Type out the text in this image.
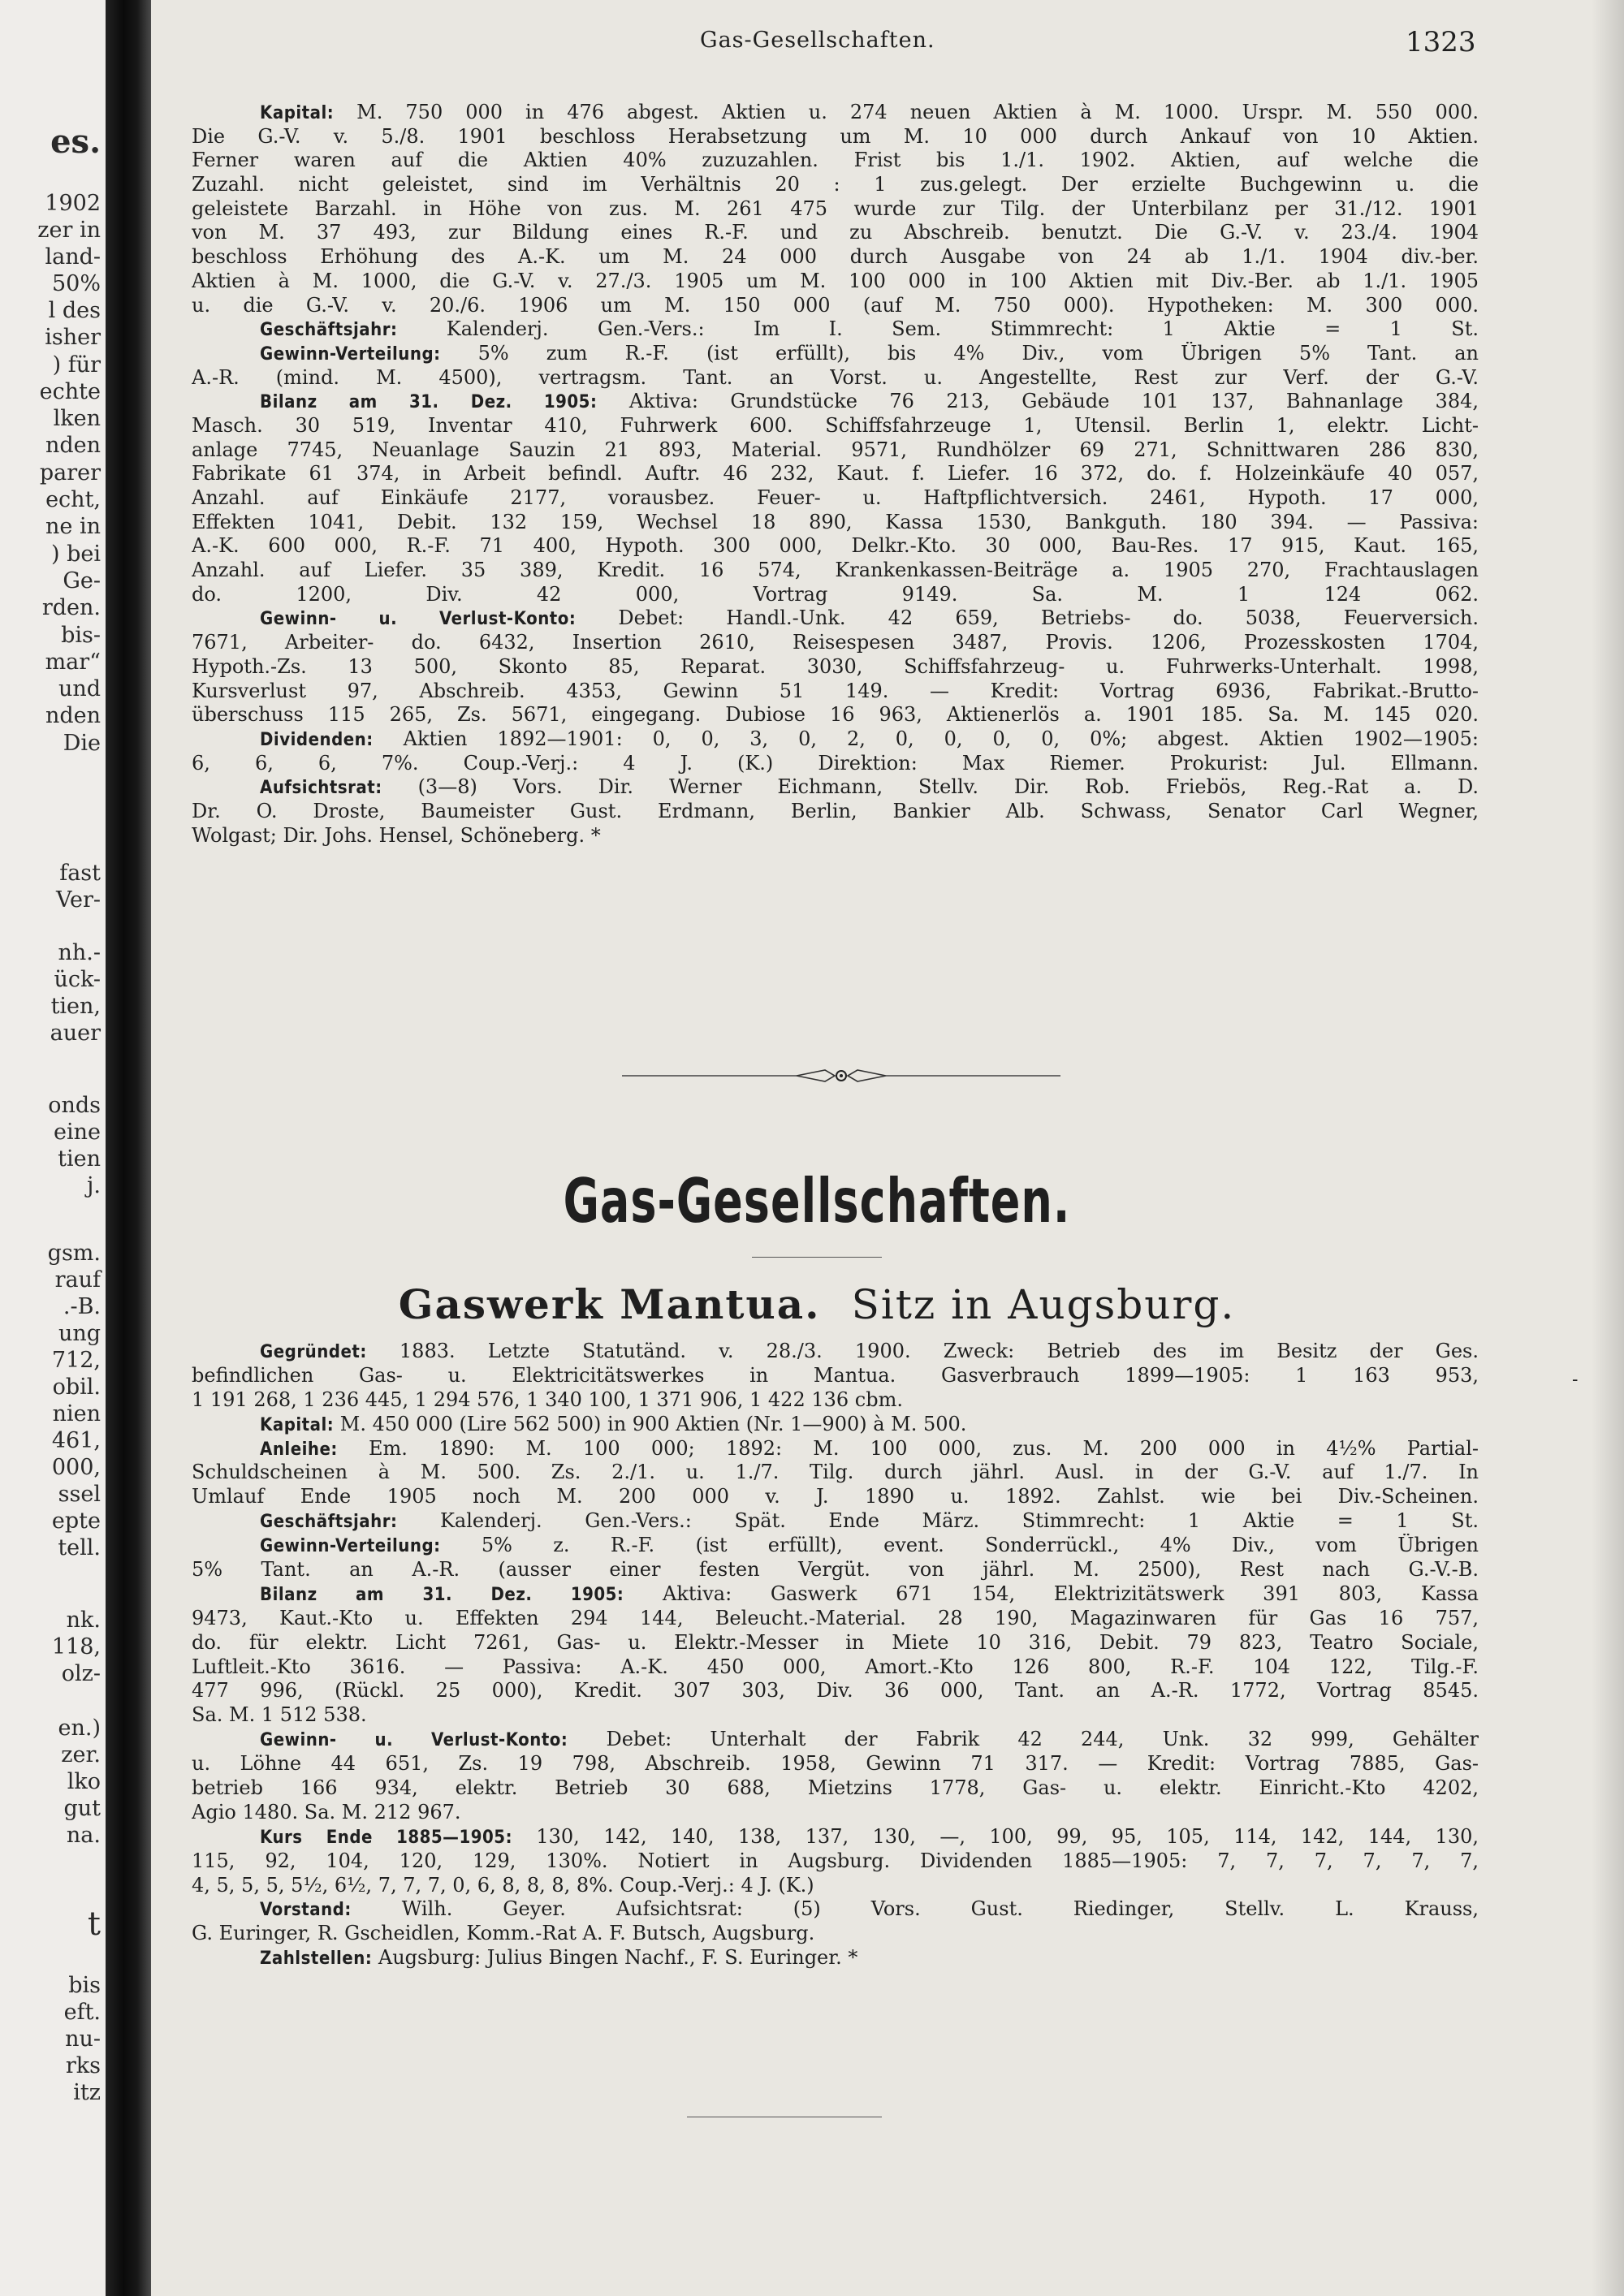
es.
1902
zer in
land-
50%
l des
isher
) für
echte
lken
nden
parer
echt,
ne in
) bei
Ge-
rden.
bis-
mar“
und
nden
Die
fast
Ver-
nh.-
ück-
tien,
auer
onds
eine
tien
j.
gsm.
rauf
.-B.
ung
712,
obil.
nien
461,
000,
ssel
epte
tell.
nk.
118,
olz-
en.)
zer.
lko
gut
na.
t
bis
eft.
nu-
rks
itz
Gas-Gesellschaften.	1323
Kapital: M. 750 000 in 476 abgest. Aktien u. 274 neuen Aktien à M. 1000. Urspr. M. 550 000.
Die G.-V. v. 5./8. 1901 beschloss Herabsetzung um M. 10 000 durch Ankauf von 10 Aktien.
Ferner waren auf die Aktien 40% zuzuzahlen. Frist bis 1./1. 1902. Aktien, auf welche die
Zuzahl. nicht geleistet, sind im Verhältnis 20 : 1 zus.gelegt. Der erzielte Buchgewinn u. die
geleistete Barzahl. in Höhe von zus. M. 261 475 wurde zur Tilg. der Unterbilanz per 31./12. 1901
von M. 37 493, zur Bildung eines R.-F. und zu Abschreib. benutzt. Die G.-V. v. 23./4. 1904
beschloss Erhöhung des A.-K. um M. 24 000 durch Ausgabe von 24 ab 1./1. 1904 div.-ber.
Aktien à M. 1000, die G.-V. v. 27./3. 1905 um M. 100 000 in 100 Aktien mit Div.-Ber. ab 1./1. 1905
u. die G.-V. v. 20./6. 1906 um M. 150 000 (auf M. 750 000). Hypotheken: M. 300 000.
Geschäftsjahr: Kalenderj. Gen.-Vers.: Im I. Sem. Stimmrecht: 1 Aktie = 1 St.
Gewinn-Verteilung: 5% zum R.-F. (ist erfüllt), bis 4% Div., vom Übrigen 5% Tant. an
A.-R. (mind. M. 4500), vertragsm. Tant. an Vorst. u. Angestellte, Rest zur Verf. der G.-V.
Bilanz am 31. Dez. 1905: Aktiva: Grundstücke 76 213, Gebäude 101 137, Bahnanlage 384,
Masch. 30 519, Inventar 410, Fuhrwerk 600. Schiffsfahrzeuge 1, Utensil. Berlin 1, elektr. Licht-
anlage 7745, Neuanlage Sauzin 21 893, Material. 9571, Rundhölzer 69 271, Schnittwaren 286 830,
Fabrikate 61 374, in Arbeit befindl. Auftr. 46 232, Kaut. f. Liefer. 16 372, do. f. Holzeinkäufe 40 057,
Anzahl. auf Einkäufe 2177, vorausbez. Feuer- u. Haftpflichtversich. 2461, Hypoth. 17 000,
Effekten 1041, Debit. 132 159, Wechsel 18 890, Kassa 1530, Bankguth. 180 394. — Passiva:
A.-K. 600 000, R.-F. 71 400, Hypoth. 300 000, Delkr.-Kto. 30 000, Bau-Res. 17 915, Kaut. 165,
Anzahl. auf Liefer. 35 389, Kredit. 16 574, Krankenkassen-Beiträge a. 1905 270, Frachtauslagen
do. 1200, Div. 42 000, Vortrag 9149. Sa. M. 1 124 062.
Gewinn- u. Verlust-Konto: Debet: Handl.-Unk. 42 659, Betriebs- do. 5038, Feuerversich.
7671, Arbeiter- do. 6432, Insertion 2610, Reisespesen 3487, Provis. 1206, Prozesskosten 1704,
Hypoth.-Zs. 13 500, Skonto 85, Reparat. 3030, Schiffsfahrzeug- u. Fuhrwerks-Unterhalt. 1998,
Kursverlust 97, Abschreib. 4353, Gewinn 51 149. — Kredit: Vortrag 6936, Fabrikat.-Brutto-
überschuss 115 265, Zs. 5671, eingegang. Dubiose 16 963, Aktienerlös a. 1901 185. Sa. M. 145 020.
Dividenden: Aktien 1892—1901: 0, 0, 3, 0, 2, 0, 0, 0, 0, 0%; abgest. Aktien 1902—1905:
6, 6, 6, 7%. Coup.-Verj.: 4 J. (K.) Direktion: Max Riemer. Prokurist: Jul. Ellmann.
Aufsichtsrat: (3—8) Vors. Dir. Werner Eichmann, Stellv. Dir. Rob. Friebös, Reg.-Rat a. D.
Dr. O. Droste, Baumeister Gust. Erdmann, Berlin, Bankier Alb. Schwass, Senator Carl Wegner,
Wolgast; Dir. Johs. Hensel, Schöneberg. *
Gas-Gesellschaften.
Gaswerk Mantua. Sitz in Augsburg.
Gegründet: 1883. Letzte Statutänd. v. 28./3. 1900. Zweck: Betrieb des im Besitz der Ges.
befindlichen Gas- u. Elektricitätswerkes in Mantua. Gasverbrauch 1899—1905: 1 163 953,
1 191 268, 1 236 445, 1 294 576, 1 340 100, 1 371 906, 1 422 136 cbm.
Kapital: M. 450 000 (Lire 562 500) in 900 Aktien (Nr. 1—900) à M. 500.
Anleihe: Em. 1890: M. 100 000; 1892: M. 100 000, zus. M. 200 000 in 4½% Partial-
Schuldscheinen à M. 500. Zs. 2./1. u. 1./7. Tilg. durch jährl. Ausl. in der G.-V. auf 1./7. In
Umlauf Ende 1905 noch M. 200 000 v. J. 1890 u. 1892. Zahlst. wie bei Div.-Scheinen.
Geschäftsjahr: Kalenderj. Gen.-Vers.: Spät. Ende März. Stimmrecht: 1 Aktie = 1 St.
Gewinn-Verteilung: 5% z. R.-F. (ist erfüllt), event. Sonderrückl., 4% Div., vom Übrigen
5% Tant. an A.-R. (ausser einer festen Vergüt. von jährl. M. 2500), Rest nach G.-V.-B.
Bilanz am 31. Dez. 1905: Aktiva: Gaswerk 671 154, Elektrizitätswerk 391 803, Kassa
9473, Kaut.-Kto u. Effekten 294 144, Beleucht.-Material. 28 190, Magazinwaren für Gas 16 757,
do. für elektr. Licht 7261, Gas- u. Elektr.-Messer in Miete 10 316, Debit. 79 823, Teatro Sociale,
Luftleit.-Kto 3616. — Passiva: A.-K. 450 000, Amort.-Kto 126 800, R.-F. 104 122, Tilg.-F.
477 996, (Rückl. 25 000), Kredit. 307 303, Div. 36 000, Tant. an A.-R. 1772, Vortrag 8545.
Sa. M. 1 512 538.
Gewinn- u. Verlust-Konto: Debet: Unterhalt der Fabrik 42 244, Unk. 32 999, Gehälter
u. Löhne 44 651, Zs. 19 798, Abschreib. 1958, Gewinn 71 317. — Kredit: Vortrag 7885, Gas-
betrieb 166 934, elektr. Betrieb 30 688, Mietzins 1778, Gas- u. elektr. Einricht.-Kto 4202,
Agio 1480. Sa. M. 212 967.
Kurs Ende 1885—1905: 130, 142, 140, 138, 137, 130, —, 100, 99, 95, 105, 114, 142, 144, 130,
115, 92, 104, 120, 129, 130%. Notiert in Augsburg. Dividenden 1885—1905: 7, 7, 7, 7, 7, 7,
4, 5, 5, 5, 5½, 6½, 7, 7, 7, 0, 6, 8, 8, 8, 8%. Coup.-Verj.: 4 J. (K.)
Vorstand: Wilh. Geyer. Aufsichtsrat: (5) Vors. Gust. Riedinger, Stellv. L. Krauss,
G. Euringer, R. Gscheidlen, Komm.-Rat A. F. Butsch, Augsburg.
Zahlstellen: Augsburg: Julius Bingen Nachf., F. S. Euringer. *
-
